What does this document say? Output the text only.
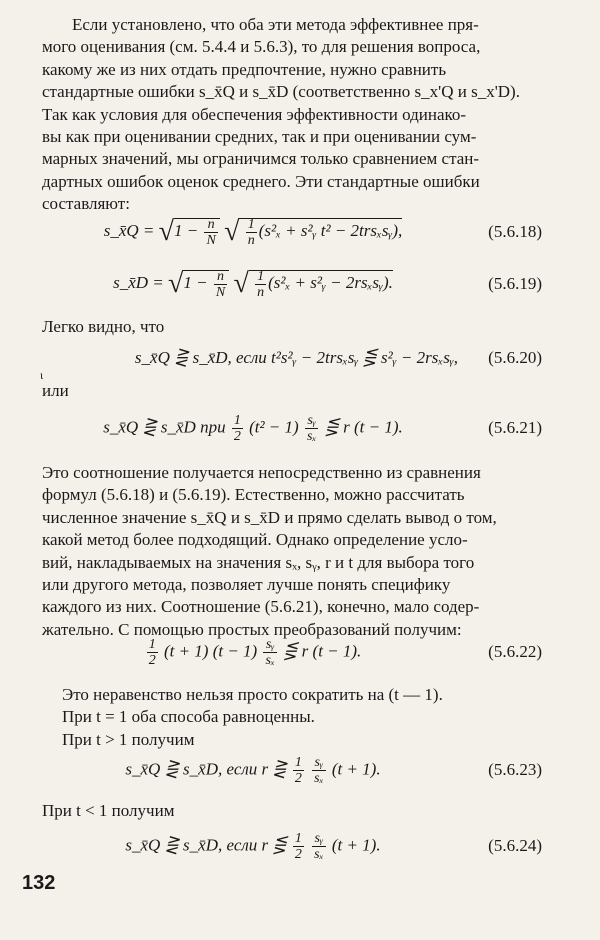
Если установлено, что оба эти метода эффективнее пря-
мого оценивания (см. 5.4.4 и 5.6.3), то для решения вопроса,
какому же из них отдать предпочтение, нужно сравнить
стандартные ошибки s_x̄Q и s_x̄D (соответственно s_x'Q и s_x'D).
Так как условия для обеспечения эффективности одинако-
вы как при оценивании средних, так и при оценивании сум-
марных значений, мы ограничимся только сравнением стан-
дартных ошибок оценок среднего. Эти стандартные ошибки
составляют:
s_x̄Q = $√1 - \frac{n}{N}$ √ $\frac{1}{n} (s^2_x$ + s²ᵧ t² − 2trsₓsᵧ),	(5.6.18)
s_x̄D = $√1 - \frac{n}{N}$ √ $\frac{1}{n} (s^2_x$ + s²ᵧ − 2rsₓsᵧ).	(5.6.19)
Легко видно, что
s_x̄Q ⋛ s_x̄D, если t²s²ᵧ − 2trsₓsᵧ ⋚ s²ᵧ − 2rsₓsᵧ,	(5.6.20)
ι
или
s_x̄Q ⋛ s_x̄D при $\frac{1}{2} (t^2 - 1) \frac{\text{sᵧ}}{\text{sₓ}}$ ⋚ r (t − 1).	(5.6.21)
Это соотношение получается непосредственно из сравнения
формул (5.6.18) и (5.6.19). Естественно, можно рассчитать
численное значение s_x̄Q и s_x̄D и прямо сделать вывод о том,
какой метод более подходящий. Однако определение усло-
вий, накладываемых на значения sₓ, sᵧ, r и t для выбора того
или другого метода, позволяет лучше понять специфику
каждого из них. Соотношение (5.6.21), конечно, мало содер-
жательно. С помощью простых преобразований получим:
$\frac{1}{2} (t + 1) (t - 1) \frac{\text{sᵧ}}{\text{sₓ}}$ ⋚ r (t − 1).	(5.6.22)
Это неравенство нельзя просто сократить на (t — 1).
При t = 1 оба способа равноценны.
При t > 1 получим
s_x̄Q ⋛ s_x̄D, если r ⋛ $\frac{1}{2}$
$\frac{\text{sᵧ}}{\text{sₓ}} (t + 1)$.	(5.6.23)
При t < 1 получим
s_x̄Q ⋛ s_x̄D, если r ⋚ $\frac{1}{2}$
$\frac{\text{sᵧ}}{\text{sₓ}} (t + 1)$.	(5.6.24)
132
